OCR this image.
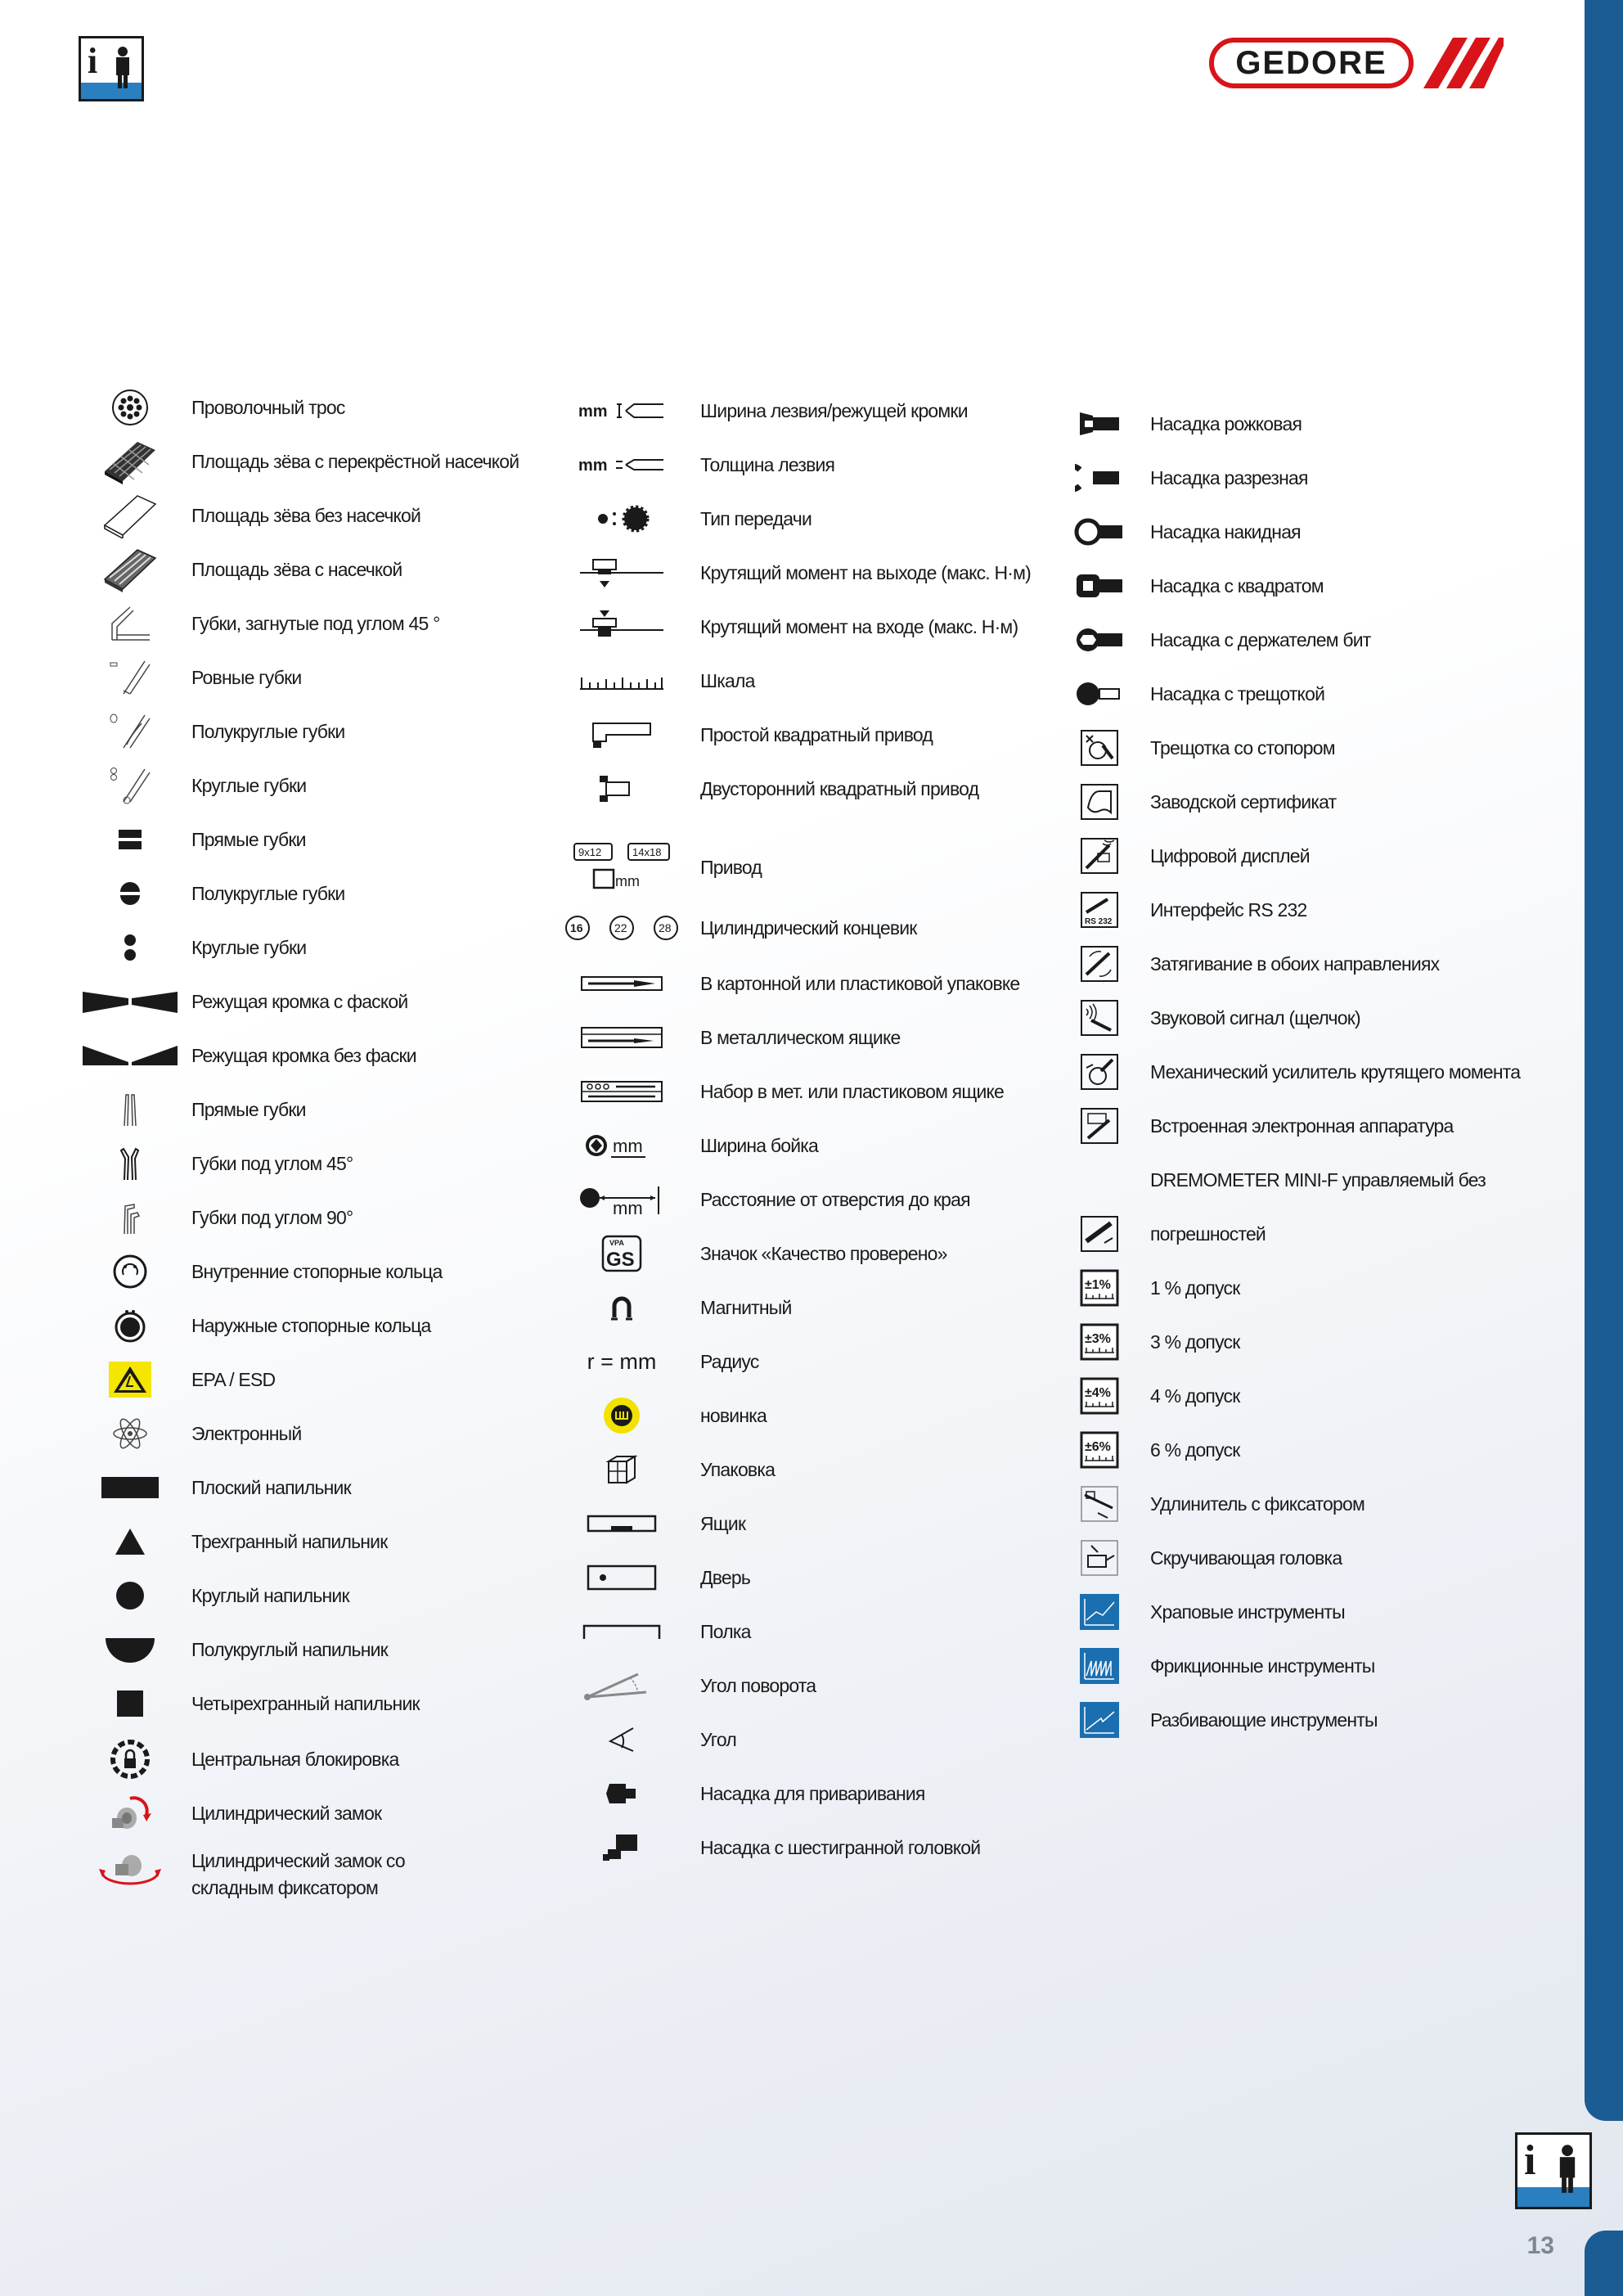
i	GEDORE
Проволочный трос
Площадь зёва с перекрёстной насечкой
Площадь зёва без насечкой
Площадь зёва с насечкой
Губки, загнутые под углом 45 °
Ровные губки
Полукруглые губки
Круглые губки
Прямые губки
Полукруглые губки
Круглые губки
Режущая кромка с фаской
Режущая кромка без фаски
Прямые губки
Губки под углом 45°
Губки под углом 90°
Внутренние стопорные кольца
Наружные стопорные кольца
EPA / ESD
Электронный
Плоский напильник
Трехгранный напильник
Круглый напильник
Полукруглый напильник
Четырехгранный напильник
Центральная блокировка
Цилиндрический замок
Цилиндрический замок со
складным фиксатором
mm	Ширина лезвия/режущей кромки
mm	Толщина лезвия
Тип передачи
Крутящий момент на выходе (макс. Н·м)
Крутящий момент на входе (макс. Н·м)
Шкала
Простой квадратный привод
Двусторонний квадратный привод
9x12	14x18
mm
Привод
16	22	28 Цилиндрический концевик
В картонной или пластиковой упаковке
В металлическом ящике
Набор в мет. или пластиковом ящике
mm	Ширина бойка
mm	Расстояние от отверстия до края
VPA
GS	Значок «Качество проверено»
Магнитный
r = mm Радиус
новинка
Упаковка
Ящик
Дверь
Полка
Угол поворота
Угол
Насадка для приваривания
Насадка с шестигранной головкой
Насадка рожковая
Насадка разрезная
Насадка накидная
Насадка с квадратом
Насадка с держателем бит
Насадка с трещоткой
Трещотка со стопором
Заводской сертификат
Цифровой дисплей
RS 232
Интерфейс RS 232
Затягивание в обоих направлениях
Звуковой сигнал (щелчок)
Механический усилитель крутящего момента
Встроенная электронная аппаратура
DREMOMETER MINI-F управляемый без
погрешностей
±1% 1 % допуск
±3% 3 % допуск
±4% 4 % допуск
±6% 6 % допуск
Удлинитель с фиксатором
Скручивающая головка
Храповые инструменты
Фрикционные инструменты
Разбивающие инструменты
i
13
